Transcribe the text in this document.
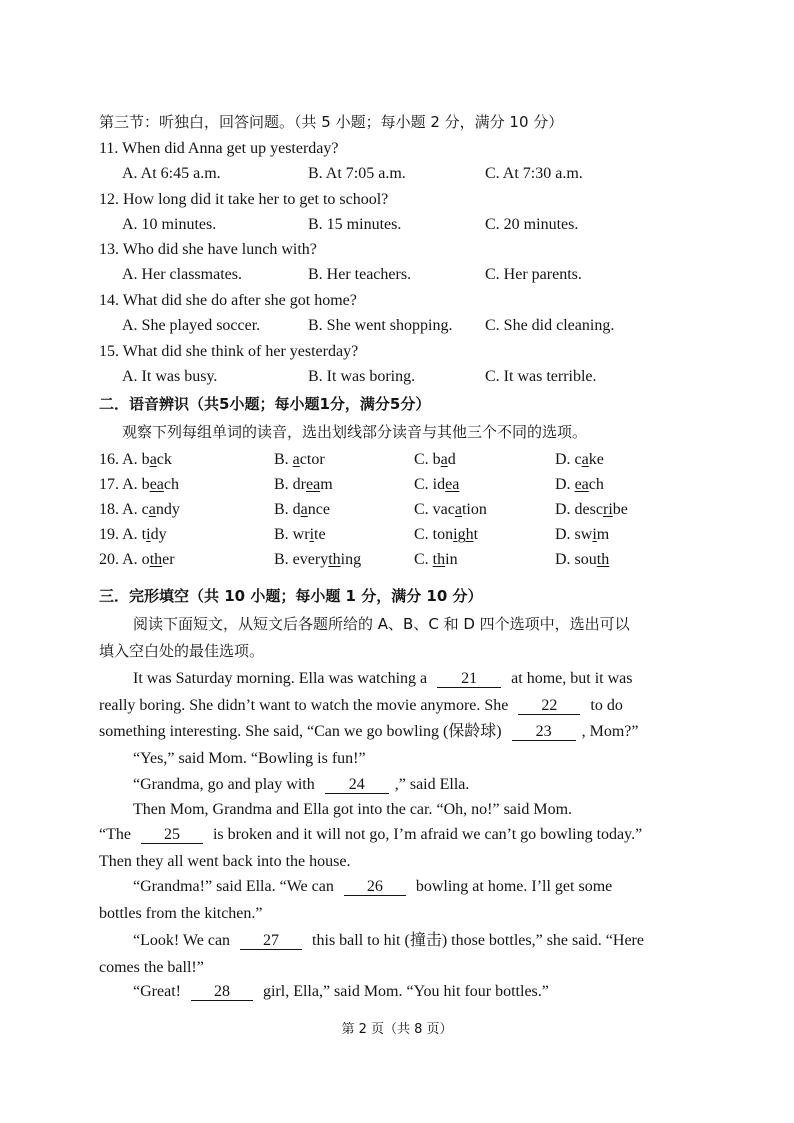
第三节：听独白，回答问题。（共 5 小题；每小题 2 分，满分 10 分）
11. When did Anna get up yesterday?
A. At 6:45 a.m.	B. At 7:05 a.m.	C. At 7:30 a.m.
12. How long did it take her to get to school?
A. 10 minutes.	B. 15 minutes.	C. 20 minutes.
13. Who did she have lunch with?
A. Her classmates.	B. Her teachers.	C. Her parents.
14. What did she do after she got home?
A. She played soccer.	B. She went shopping. C. She did cleaning.
15. What did she think of her yesterday?
A. It was busy.	B. It was boring.	C. It was terrible.
二．语音辨识（共5小题；每小题1分，满分5分）
观察下列每组单词的读音，选出划线部分读音与其他三个不同的选项。
16. A. back	B. actor	C. bad	D. cake
17. A. beach	B. dream	C. idea	D. each
18. A. candy	B. dance	C. vacation	D. describe
19. A. tidy	B. write	C. tonight	D. swim
20. A. other	B. everything	C. thin	D. south
三．完形填空（共 10 小题；每小题 1 分，满分 10 分）
阅读下面短文，从短文后各题所给的 A、B、C 和 D 四个选项中，选出可以
填入空白处的最佳选项。
It was Saturday morning. Ella was watching a 21 at home, but it was
really boring. She didn’t want to watch the movie anymore. She 22 to do
something interesting. She said, “Can we go bowling (保龄球) 23 , Mom?”
“Yes,” said Mom. “Bowling is fun!”
“Grandma, go and play with 24 ,” said Ella.
Then Mom, Grandma and Ella got into the car. “Oh, no!” said Mom.
“The 25 is broken and it will not go, I’m afraid we can’t go bowling today.”
Then they all went back into the house.
“Grandma!” said Ella. “We can 26 bowling at home. I’ll get some
bottles from the kitchen.”
“Look! We can 27 this ball to hit (撞击) those bottles,” she said. “Here
comes the ball!”
“Great! 28 girl, Ella,” said Mom. “You hit four bottles.”
第 2 页（共 8 页）
